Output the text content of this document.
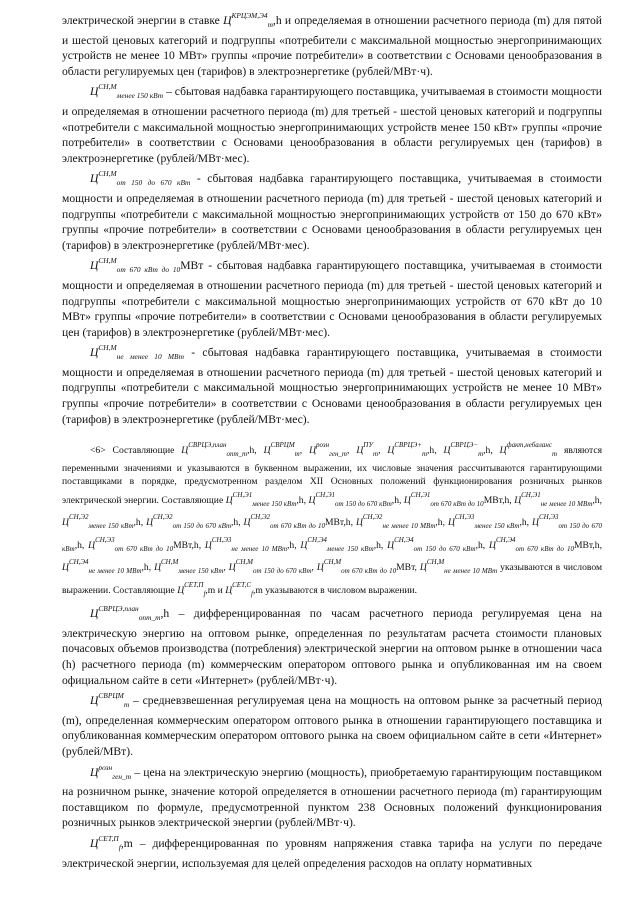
электрической энергии в ставке $Ц^{КРЦЭМ,Э4}_m,h$ и определяемая в отношении расчетного периода (m) для пятой и шестой ценовых категорий и подгруппы «потребители с максимальной мощностью энергопринимающих устройств не менее 10 МВт» группы «прочие потребители» в соответствии с Основами ценообразования в области регулируемых цен (тарифов) в электроэнергетике (рублей/МВт·ч).

$Ц^{СН,М}_{менее 150 кВт}$ – сбытовая надбавка гарантирующего поставщика, учитываемая в стоимости мощности и определяемая в отношении расчетного периода (m) для третьей - шестой ценовых категорий и подгруппы «потребители с максимальной мощностью энергопринимающих устройств менее 150 кВт» группы «прочие потребители» в соответствии с Основами ценообразования в области регулируемых цен (тарифов) в электроэнергетике (рублей/МВт·мес).

$Ц^{СН,М}_{от 150 до 670 кВт}$ - сбытовая надбавка гарантирующего поставщика, учитываемая в стоимости мощности и определяемая в отношении расчетного периода (m) для третьей - шестой ценовых категорий и подгруппы «потребители с максимальной мощностью энергопринимающих устройств от 150 до 670 кВт» группы «прочие потребители» в соответствии с Основами ценообразования в области регулируемых цен (тарифов) в электроэнергетике (рублей/МВт·мес).

$Ц^{СН,М}_{от 670 кВт до 10}МВт$ - сбытовая надбавка гарантирующего поставщика, учитываемая в стоимости мощности и определяемая в отношении расчетного периода (m) для третьей - шестой ценовых категорий и подгруппы «потребители с максимальной мощностью энергопринимающих устройств от 670 кВт до 10 МВт» группы «прочие потребители» в соответствии с Основами ценообразования в области регулируемых цен (тарифов) в электроэнергетике (рублей/МВт·мес).

$Ц^{СН,М}_{не менее 10 МВт}$ - сбытовая надбавка гарантирующего поставщика, учитываемая в стоимости мощности и определяемая в отношении расчетного периода (m) для третьей - шестой ценовых категорий и подгруппы «потребители с максимальной мощностью энергопринимающих устройств не менее 10 МВт» группы «прочие потребители» в соответствии с Основами ценообразования в области регулируемых цен (тарифов) в электроэнергетике (рублей/МВт·мес).

<6> Составляющие $Ц^{СВРЦЭ,план}_{опт\_m},h$, $Ц^{СВРЦМ}_m$, $Ц^{розн}_{ген\_m}$, $Ц^{ПУ}_m$, $Ц^{СВРЦЭ+}_m,h$, $Ц^{СВРЦЭ-}_m,h$, $Ц^{факт,небаланс}_m$ являются переменными значениями и указываются в буквенном выражении, их числовые значения рассчитываются гарантирующими поставщиками в порядке, предусмотренном разделом XII Основных положений функционирования розничных рынков электрической энергии. Составляющие $Ц^{СН,Э1}_{менее 150 кВт},h$, $Ц^{СН,Э1}_{от 150 до 670 кВт},h$, $Ц^{СН,Э1}_{от 670 кВт до 10}МВт,h$, $Ц^{СН,Э1}_{не менее 10 МВт},h$, $Ц^{СН,Э2}_{менее 150 кВт},h$, $Ц^{СН,Э2}_{от 150 до 670 кВт},h$, $Ц^{СН,Э2}_{от 670 кВт до 10}МВт,h$, $Ц^{СН,Э2}_{не менее 10 МВт},h$, $Ц^{СН,Э3}_{менее 150 кВт},h$, $Ц^{СН,Э3}_{от 150 до 670 кВт},h$, $Ц^{СН,Э3}_{от 670 кВт до 10}МВт,h$, $Ц^{СН,Э3}_{не менее 10 МВт},h$, $Ц^{СН,Э4}_{менее 150 кВт},h$, $Ц^{СН,Э4}_{от 150 до 670 кВт},h$, $Ц^{СН,Э4}_{от 670 кВт до 10}МВт,h$, $Ц^{СН,Э4}_{не менее 10 МВт},h$, $Ц^{СН,М}_{менее 150 кВт}$, $Ц^{СН,М}_{от 150 до 670 кВт}$, $Ц^{СН,М}_{от 670 кВт до 10}МВт$, $Ц^{СН,М}_{не менее 10 МВт}$ указываются в числовом выражении. Составляющие $Ц^{СЕТ,П}_f,m$ и $Ц^{СЕТ,С}_f,m$ указываются в числовом выражении.

$Ц^{СВРЦЭ,план}_{опт\_m},h$ – дифференцированная по часам расчетного периода регулируемая цена на электрическую энергию на оптовом рынке, определенная по результатам расчета стоимости плановых почасовых объемов производства (потребления) электрической энергии на оптовом рынке в отношении часа (h) расчетного периода (m) коммерческим оператором оптового рынка и опубликованная им на своем официальном сайте в сети «Интернет» (рублей/МВт·ч).

$Ц^{СВРЦМ}_m$ – средневзвешенная регулируемая цена на мощность на оптовом рынке за расчетный период (m), определенная коммерческим оператором оптового рынка в отношении гарантирующего поставщика и опубликованная коммерческим оператором оптового рынка на своем официальном сайте в сети «Интернет» (рублей/МВт).

$Ц^{розн}_{ген\_m}$ – цена на электрическую энергию (мощность), приобретаемую гарантирующим поставщиком на розничном рынке, значение которой определяется в отношении расчетного периода (m) гарантирующим поставщиком по формуле, предусмотренной пунктом 238 Основных положений функционирования розничных рынков электрической энергии (рублей/МВт·ч).

$Ц^{СЕТ,П}_f,m$ – дифференцированная по уровням напряжения ставка тарифа на услуги по передаче электрической энергии, используемая для целей определения расходов на оплату нормативных
